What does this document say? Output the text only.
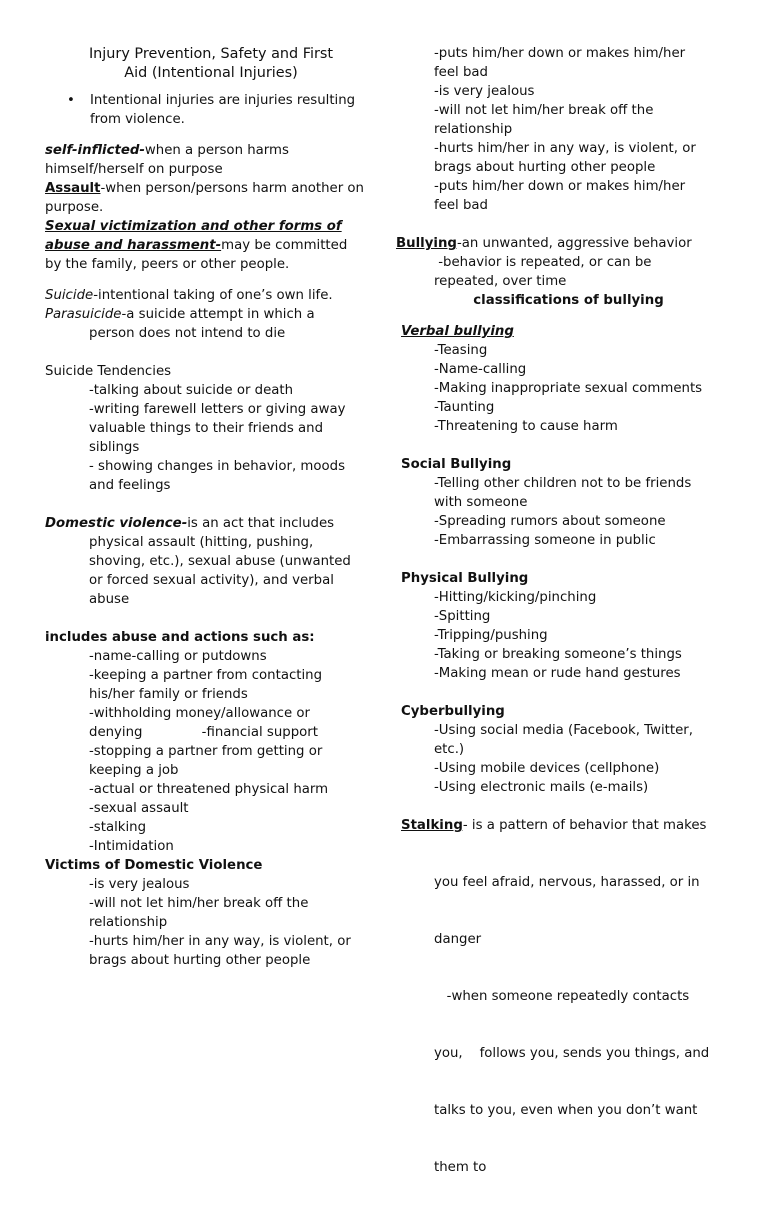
Injury Prevention, Safety and First
Aid (Intentional Injuries)

•	Intentional injuries are injuries resulting
from violence.

self-inflicted-when a person harms
himself/herself on purpose

Assault-when person/persons harm another on
purpose.

Sexual victimization and other forms of
abuse and harassment-may be committed
by the family, peers or other people.

Suicide-intentional taking of one’s own life.

Parasuicide-a suicide attempt in which a

person does not intend to die

Suicide Tendencies

-talking about suicide or death

-writing farewell letters or giving away

valuable things to their friends and

siblings

- showing changes in behavior, moods

and feelings

Domestic violence-is an act that includes

physical assault (hitting, pushing,

shoving, etc.), sexual abuse (unwanted

or forced sexual activity), and verbal

abuse

includes abuse and actions such as:

-name-calling or putdowns

-keeping a partner from contacting

his/her family or friends

-withholding money/allowance or

denying              -financial support

-stopping a partner from getting or

keeping a job

-actual or threatened physical harm

-sexual assault

-stalking

-Intimidation

Victims of Domestic Violence

-is very jealous

-will not let him/her break off the

relationship

-hurts him/her in any way, is violent, or

brags about hurting other people

-puts him/her down or makes him/her

feel bad

-is very jealous

-will not let him/her break off the

relationship

-hurts him/her in any way, is violent, or

brags about hurting other people

-puts him/her down or makes him/her

feel bad

Bullying-an unwanted, aggressive behavior

-behavior is repeated, or can be

repeated, over time

classifications of bullying

Verbal bullying

-Teasing

-Name-calling

-Making inappropriate sexual comments

-Taunting

-Threatening to cause harm

Social Bullying

-Telling other children not to be friends

with someone

-Spreading rumors about someone

-Embarrassing someone in public

Physical Bullying

-Hitting/kicking/pinching

-Spitting

-Tripping/pushing

-Taking or breaking someone’s things

-Making mean or rude hand gestures

Cyberbullying

-Using social media (Facebook, Twitter,

etc.)

-Using mobile devices (cellphone)

-Using electronic mails (e-mails)

Stalking- is a pattern of behavior that makes

you feel afraid, nervous, harassed, or in

danger

-when someone repeatedly contacts

you,    follows you, sends you things, and

talks to you, even when you don’t want

them to
